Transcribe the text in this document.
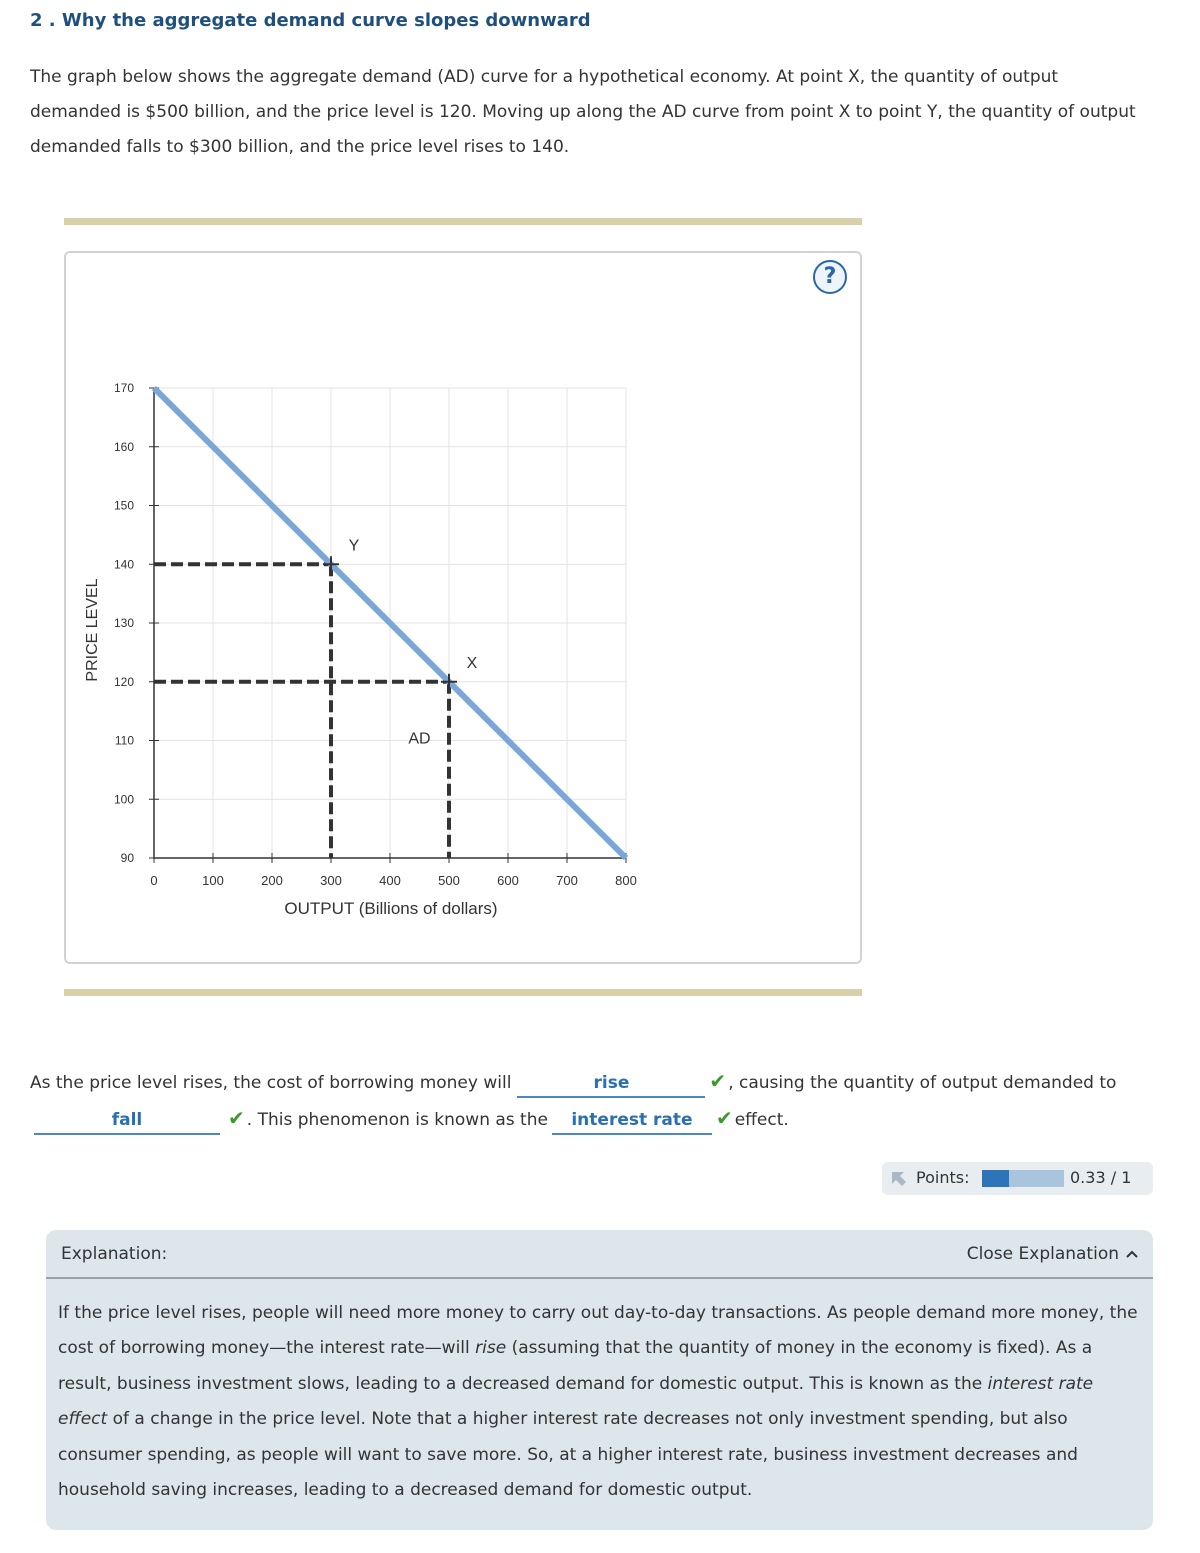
2 . Why the aggregate demand curve slopes downward
The graph below shows the aggregate demand (AD) curve for a hypothetical economy. At point X, the quantity of output demanded is $500 billion, and the price level is 120. Moving up along the AD curve from point X to point Y, the quantity of output demanded falls to $300 billion, and the price level rises to 140.
?
90
100
110
120
130
140
150
160
170
0	100	200	300	400	500	600	700	800
AD
Y
X
PRICE LEVEL
OUTPUT (Billions of dollars)
As the price level rises, the cost of borrowing money will	rise	✔ , causing the quantity of output demanded to
fall	✔ . This phenomenon is known as the interest rate ✔ effect.
Points:	0.33 / 1
Explanation:	Close Explanation
If the price level rises, people will need more money to carry out day-to-day transactions. As people demand more money, the cost of borrowing money—the interest rate—will rise (assuming that the quantity of money in the economy is fixed). As a result, business investment slows, leading to a decreased demand for domestic output. This is known as the interest rate effect of a change in the price level. Note that a higher interest rate decreases not only investment spending, but also consumer spending, as people will want to save more. So, at a higher interest rate, business investment decreases and household saving increases, leading to a decreased demand for domestic output.
